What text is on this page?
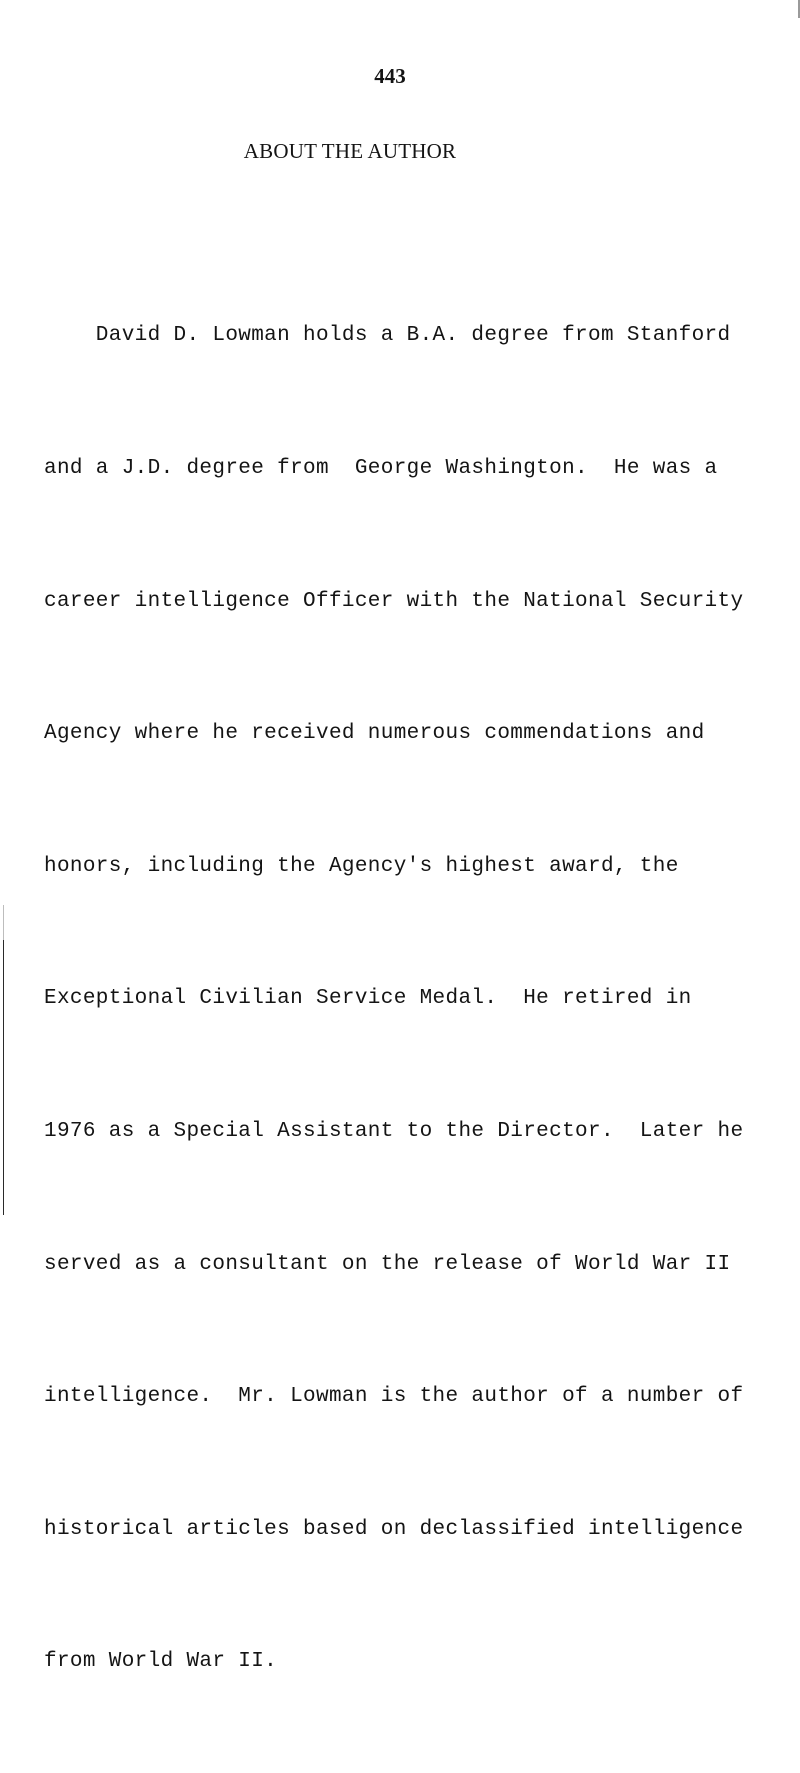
443
ABOUT THE AUTHOR

David D. Lowman holds a B.A. degree from Stanford

and a J.D. degree from  George Washington.  He was a

career intelligence Officer with the National Security

Agency where he received numerous commendations and

honors, including the Agency's highest award, the

Exceptional Civilian Service Medal.  He retired in

1976 as a Special Assistant to the Director.  Later he

served as a consultant on the release of World War II

intelligence.  Mr. Lowman is the author of a number of

historical articles based on declassified intelligence

from World War II.
